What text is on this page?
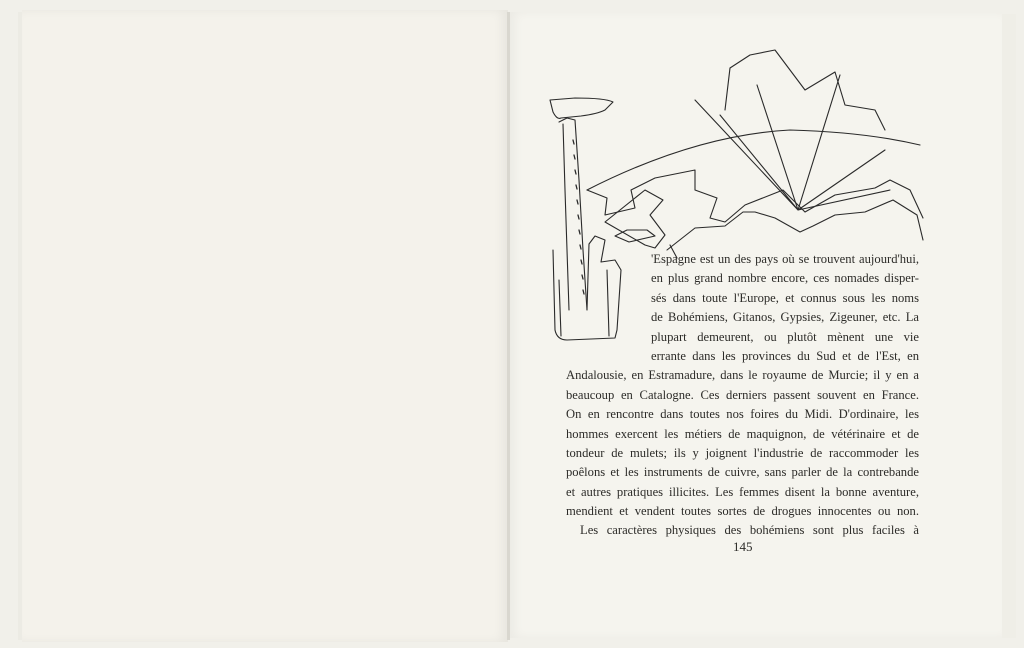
'Espagne est un des pays où se trouvent aujourd'hui,
en plus grand nombre encore, ces nomades disper-
sés dans toute l'Europe, et connus sous les noms
de Bohémiens, Gitanos, Gypsies, Zigeuner, etc. La
plupart demeurent, ou plutôt mènent une vie
errante dans les provinces du Sud et de l'Est, en
Andalousie, en Estramadure, dans le royaume de Murcie; il y en a
beaucoup en Catalogne. Ces derniers passent souvent en France.
On en rencontre dans toutes nos foires du Midi. D'ordinaire, les
hommes exercent les métiers de maquignon, de vétérinaire et de
tondeur de mulets; ils y joignent l'industrie de raccommoder les
poêlons et les instruments de cuivre, sans parler de la contrebande
et autres pratiques illicites. Les femmes disent la bonne aventure,
mendient et vendent toutes sortes de drogues innocentes ou non.
Les caractères physiques des bohémiens sont plus faciles à
145
